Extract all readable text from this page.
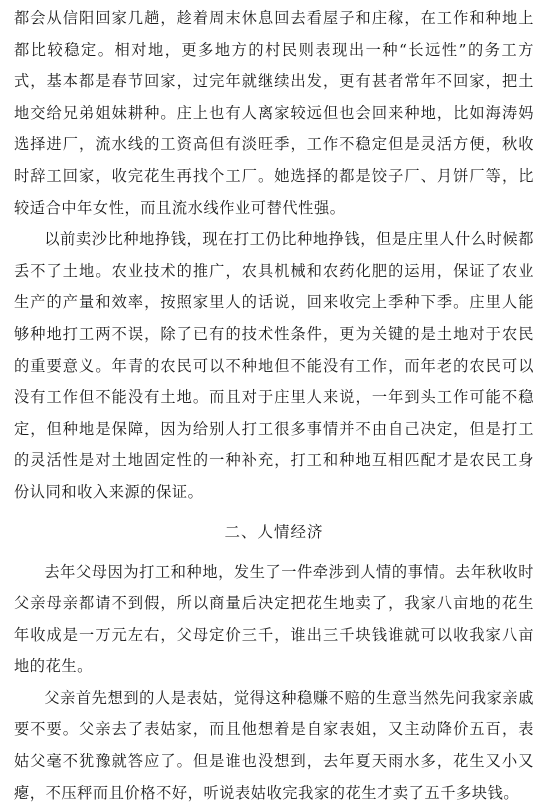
都会从信阳回家几趟，趁着周末休息回去看屋子和庄稼，在工作和种地上都比较稳定。相对地，更多地方的村民则表现出一种“长远性”的务工方式，基本都是春节回家，过完年就继续出发，更有甚者常年不回家，把土地交给兄弟姐妹耕种。庄上也有人离家较远但也会回来种地，比如海涛妈选择进厂，流水线的工资高但有淡旺季，工作不稳定但是灵活方便，秋收时辞工回家，收完花生再找个工厂。她选择的都是饺子厂、月饼厂等，比较适合中年女性，而且流水线作业可替代性强。

以前卖沙比种地挣钱，现在打工仍比种地挣钱，但是庄里人什么时候都丢不了土地。农业技术的推广，农具机械和农药化肥的运用，保证了农业生产的产量和效率，按照家里人的话说，回来收完上季种下季。庄里人能够种地打工两不误，除了已有的技术性条件，更为关键的是土地对于农民的重要意义。年青的农民可以不种地但不能没有工作，而年老的农民可以没有工作但不能没有土地。而且对于庄里人来说，一年到头工作可能不稳定，但种地是保障，因为给别人打工很多事情并不由自己决定，但是打工的灵活性是对土地固定性的一种补充，打工和种地互相匹配才是农民工身份认同和收入来源的保证。

二、人情经济

去年父母因为打工和种地，发生了一件牵涉到人情的事情。去年秋收时父亲母亲都请不到假，所以商量后决定把花生地卖了，我家八亩地的花生年收成是一万元左右，父母定价三千，谁出三千块钱谁就可以收我家八亩地的花生。

父亲首先想到的人是表姑，觉得这种稳赚不赔的生意当然先问我家亲戚要不要。父亲去了表姑家，而且他想着是自家表姐，又主动降价五百，表姑父毫不犹豫就答应了。但是谁也没想到，去年夏天雨水多，花生又小又瘪，不压秤而且价格不好，听说表姑收完我家的花生才卖了五千多块钱。
